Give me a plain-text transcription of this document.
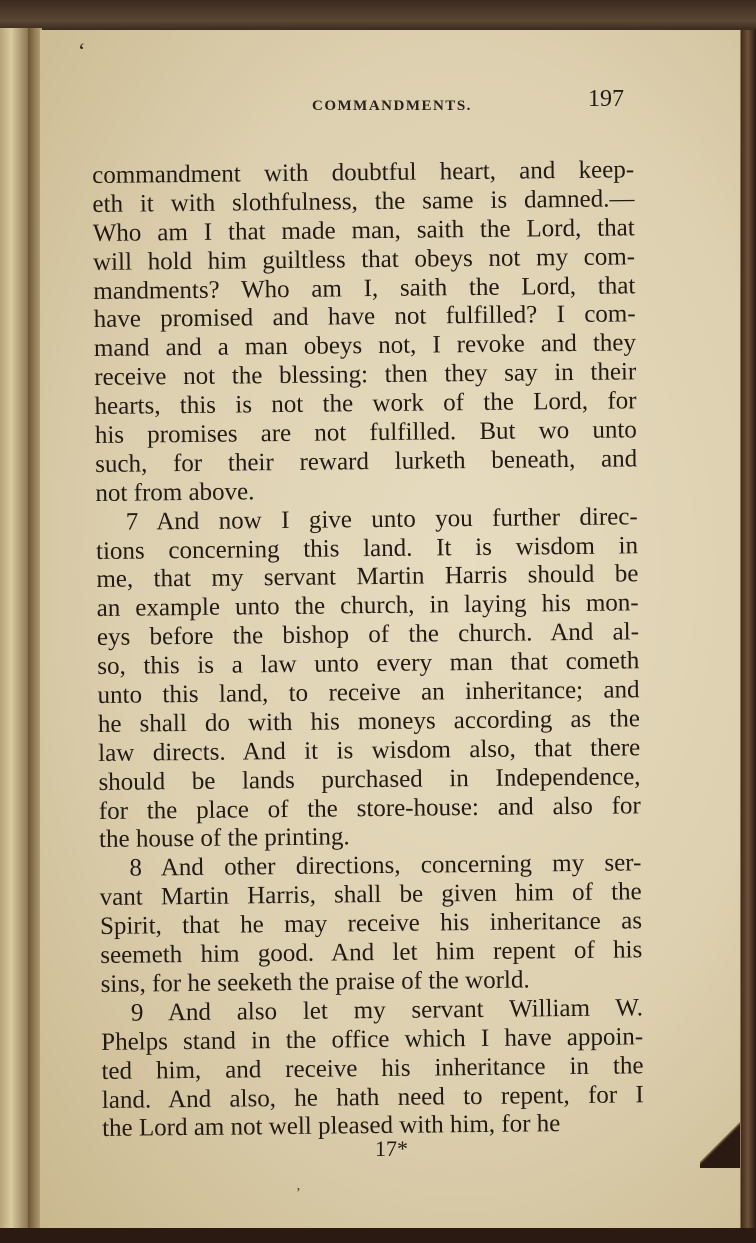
‘
COMMANDMENTS.	197
commandment with doubtful heart, and keep-
eth it with slothfulness, the same is damned.—
Who am I that made man, saith the Lord, that
will hold him guiltless that obeys not my com-
mandments? Who am I, saith the Lord, that
have promised and have not fulfilled? I com-
mand and a man obeys not, I revoke and they
receive not the blessing: then they say in their
hearts, this is not the work of the Lord, for
his promises are not fulfilled. But wo unto
such, for their reward lurketh beneath, and
not from above.
7 And now I give unto you further direc-
tions concerning this land. It is wisdom in
me, that my servant Martin Harris should be
an example unto the church, in laying his mon-
eys before the bishop of the church. And al-
so, this is a law unto every man that cometh
unto this land, to receive an inheritance; and
he shall do with his moneys according as the
law directs. And it is wisdom also, that there
should be lands purchased in Independence,
for the place of the store-house: and also for
the house of the printing.
8 And other directions, concerning my ser-
vant Martin Harris, shall be given him of the
Spirit, that he may receive his inheritance as
seemeth him good. And let him repent of his
sins, for he seeketh the praise of the world.
9 And also let my servant William W.
Phelps stand in the office which I have appoin-
ted him, and receive his inheritance in the
land. And also, he hath need to repent, for I
the Lord am not well pleased with him, for he
17*
’
